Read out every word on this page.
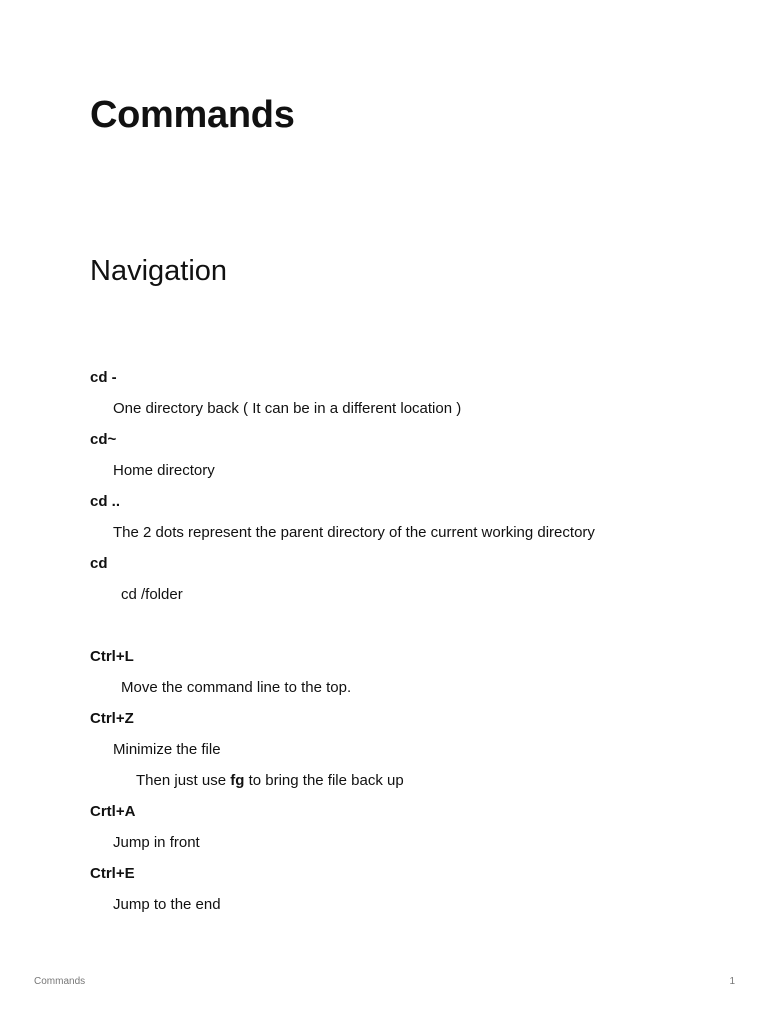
Commands
Navigation
cd -
One directory back ( It can be in a different location )
cd~
Home directory
cd ..
The 2 dots represent the parent directory of the current working directory
cd
cd /folder
Ctrl+L
Move the command line to the top.
Ctrl+Z
Minimize the file
Then just use fg to bring the file back up
Crtl+A
Jump in front
Ctrl+E
Jump to the end
Commands	1
